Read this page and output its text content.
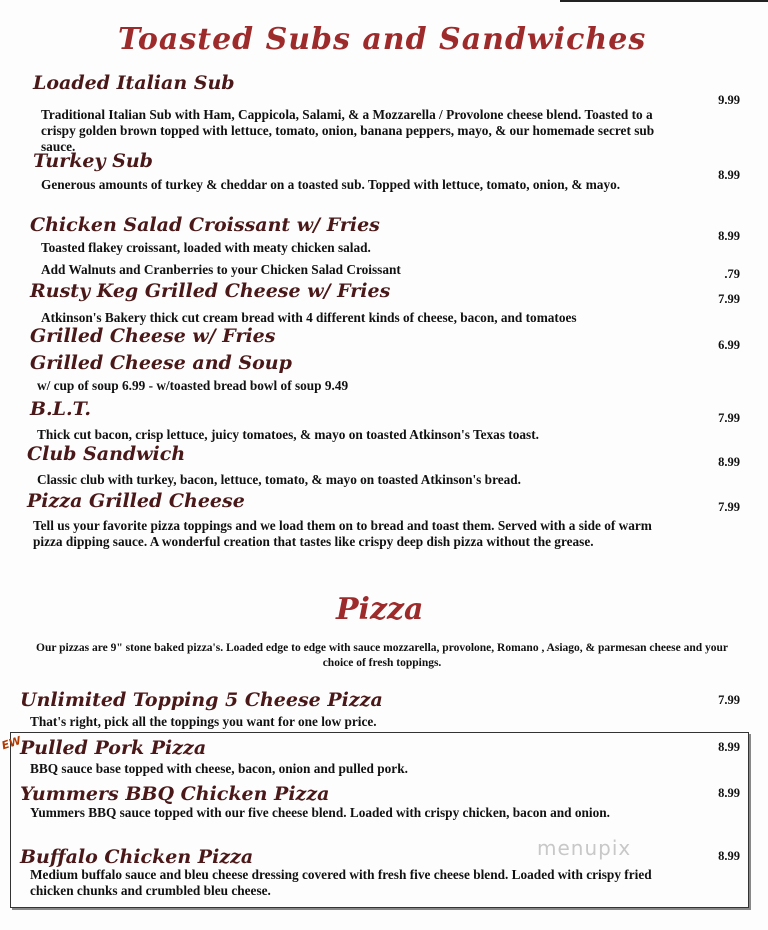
Toasted Subs and Sandwiches
Loaded Italian Sub
Traditional Italian Sub with Ham, Cappicola, Salami, & a Mozzarella / Provolone cheese blend. Toasted to a crispy golden brown topped with lettuce, tomato, onion, banana peppers, mayo, & our homemade secret sub sauce.
9.99
Turkey Sub
Generous amounts of turkey & cheddar on a toasted sub. Topped with lettuce, tomato, onion, & mayo.
8.99
Chicken Salad Croissant w/ Fries
Toasted flakey croissant, loaded with meaty chicken salad.
8.99
Add Walnuts and Cranberries to your Chicken Salad Croissant	.79
Rusty Keg Grilled Cheese w/ Fries
Atkinson's Bakery thick cut cream bread with 4 different kinds of cheese, bacon, and tomatoes
7.99
Grilled Cheese w/ Fries	6.99
Grilled Cheese and Soup
w/ cup of soup 6.99 - w/toasted bread bowl of soup 9.49
B.L.T.
Thick cut bacon, crisp lettuce, juicy tomatoes, & mayo on toasted Atkinson's Texas toast.
7.99
Club Sandwich
Classic club with turkey, bacon, lettuce, tomato, & mayo on toasted Atkinson's bread.
8.99
Pizza Grilled Cheese
Tell us your favorite pizza toppings and we load them on to bread and toast them. Served with a side of warm pizza dipping sauce. A wonderful creation that tastes like crispy deep dish pizza without the grease.
7.99
Pizza
Our pizzas are 9" stone baked pizza's. Loaded edge to edge with sauce mozzarella, provolone, Romano , Asiago, & parmesan cheese and your choice of fresh toppings.
Unlimited Topping 5 Cheese Pizza
That's right, pick all the toppings you want for one low price.
7.99
EW
Pulled Pork Pizza
BBQ sauce base topped with cheese, bacon, onion and pulled pork.
8.99
Yummers BBQ Chicken Pizza
Yummers BBQ sauce topped with our five cheese blend. Loaded with crispy chicken, bacon and onion.
8.99
Buffalo Chicken Pizza
Medium buffalo sauce and bleu cheese dressing covered with fresh five cheese blend. Loaded with crispy fried chicken chunks and crumbled bleu cheese.
8.99
menupix
